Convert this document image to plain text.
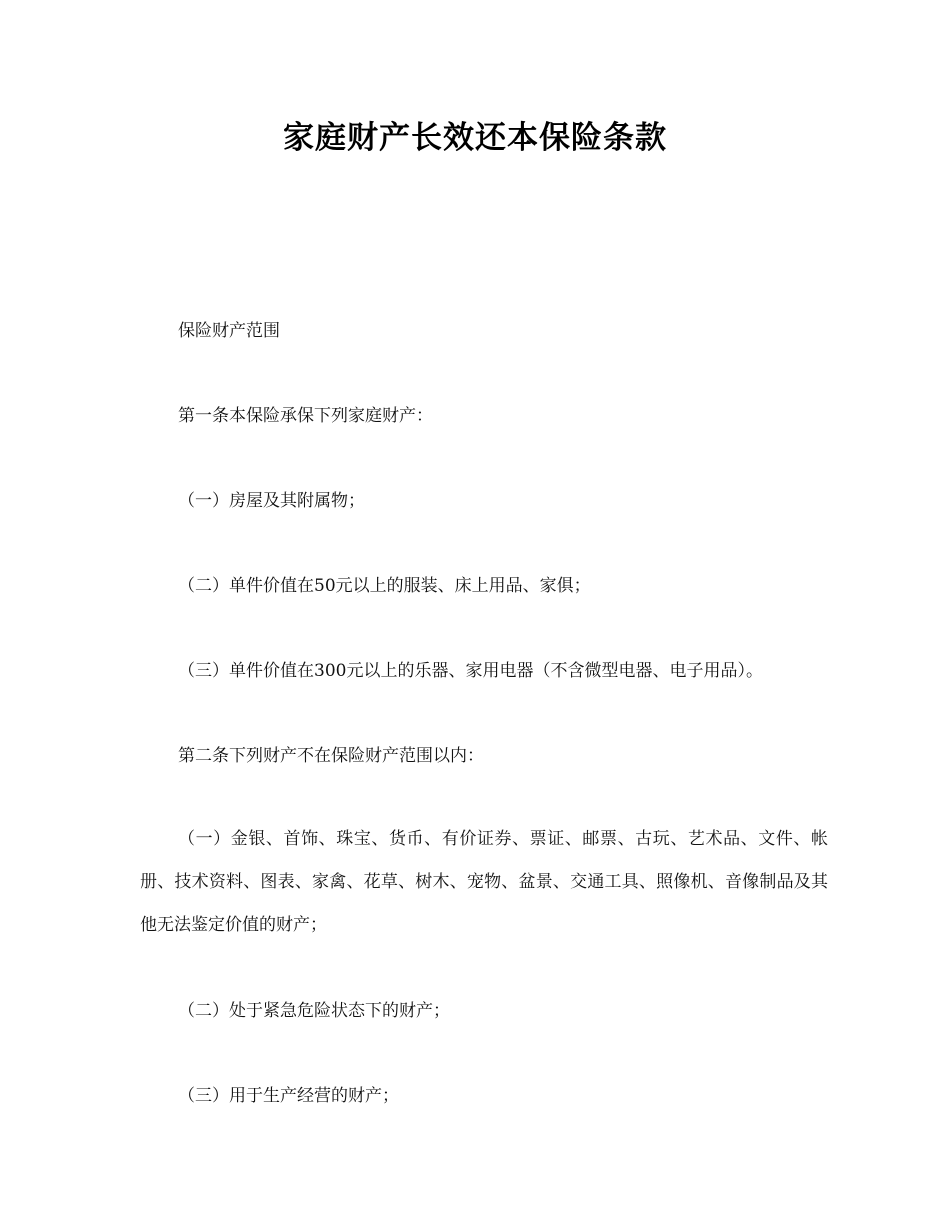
家庭财产长效还本保险条款

保险财产范围

第一条本保险承保下列家庭财产：

（一）房屋及其附属物；

（二）单件价值在50元以上的服装、床上用品、家俱；

（三）单件价值在300元以上的乐器、家用电器（不含微型电器、电子用品）。

第二条下列财产不在保险财产范围以内：

（一）金银、首饰、珠宝、货币、有价证券、票证、邮票、古玩、艺术品、文件、帐册、技术资料、图表、家禽、花草、树木、宠物、盆景、交通工具、照像机、音像制品及其他无法鉴定价值的财产；

（二）处于紧急危险状态下的财产；

（三）用于生产经营的财产；
